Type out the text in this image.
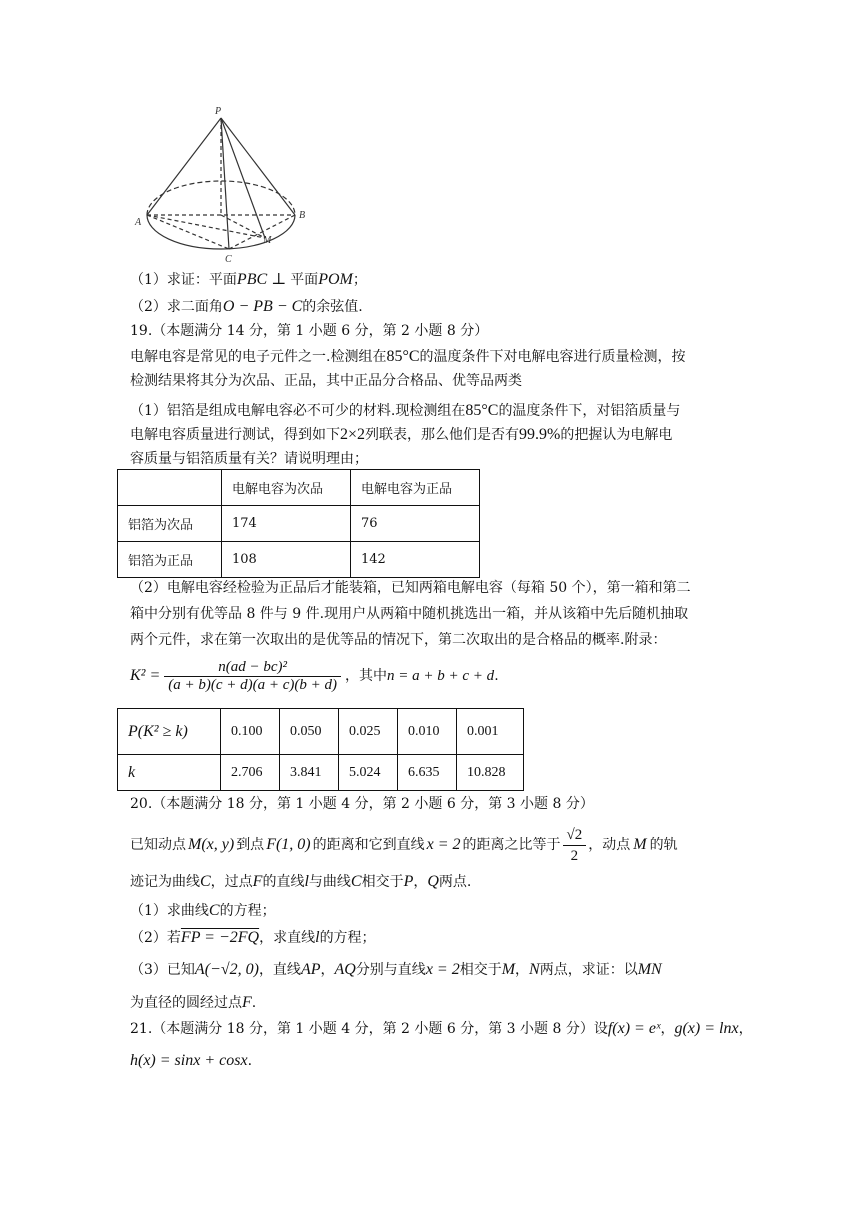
P
A
B
C
M
（1）求证：平面PBC ⊥ 平面POM；
（2）求二面角O − PB − C的余弦值.
19.（本题满分 14 分，第 1 小题 6 分，第 2 小题 8 分）
电解电容是常见的电子元件之一.检测组在85°C的温度条件下对电解电容进行质量检测，按
检测结果将其分为次品、正品，其中正品分合格品、优等品两类
（1）铝箔是组成电解电容必不可少的材料.现检测组在85°C的温度条件下，对铝箔质量与
电解电容质量进行测试，得到如下2×2列联表，那么他们是否有99.9%的把握认为电解电
容质量与铝箔质量有关？请说明理由；
	电解电容为次品	电解电容为正品
铝箔为次品	174	76
铝箔为正品	108	142
（2）电解电容经检验为正品后才能装箱，已知两箱电解电容（每箱 50 个），第一箱和第二
箱中分别有优等品 8 件与 9 件.现用户从两箱中随机挑选出一箱，并从该箱中先后随机抽取
两个元件，求在第一次取出的是优等品的情况下，第二次取出的是合格品的概率.附录：
$K^2 = \frac{\text{n(ad − bc)²}}{(a + b)(c + d)(a + c)(b + d)}$ ，其中 n = a + b + c + d .
P(K² ≥ k)	0.100	0.050	0.025	0.010	0.001
k	2.706	3.841	5.024	6.635	10.828
20.（本题满分 18 分，第 1 小题 4 分，第 2 小题 6 分，第 3 小题 8 分）
已知动点 M(x, y) 到点 F(1, 0) 的距离和它到直线 x = 2 的距离之比等于 $\frac{√2}{2}$ ，动点 M 的轨
迹记为曲线C，过点F的直线l与曲线C相交于P，Q两点.
（1）求曲线C的方程；
（2）若FP = −2FQ，求直线l的方程；
（3）已知A(−√2, 0)，直线AP，AQ分别与直线x = 2相交于M，N两点，求证：以MN
为直径的圆经过点F.
21.（本题满分 18 分，第 1 小题 4 分，第 2 小题 6 分，第 3 小题 8 分）设f(x) = eˣ，g(x) = lnx，
h(x) = sinx + cosx.
